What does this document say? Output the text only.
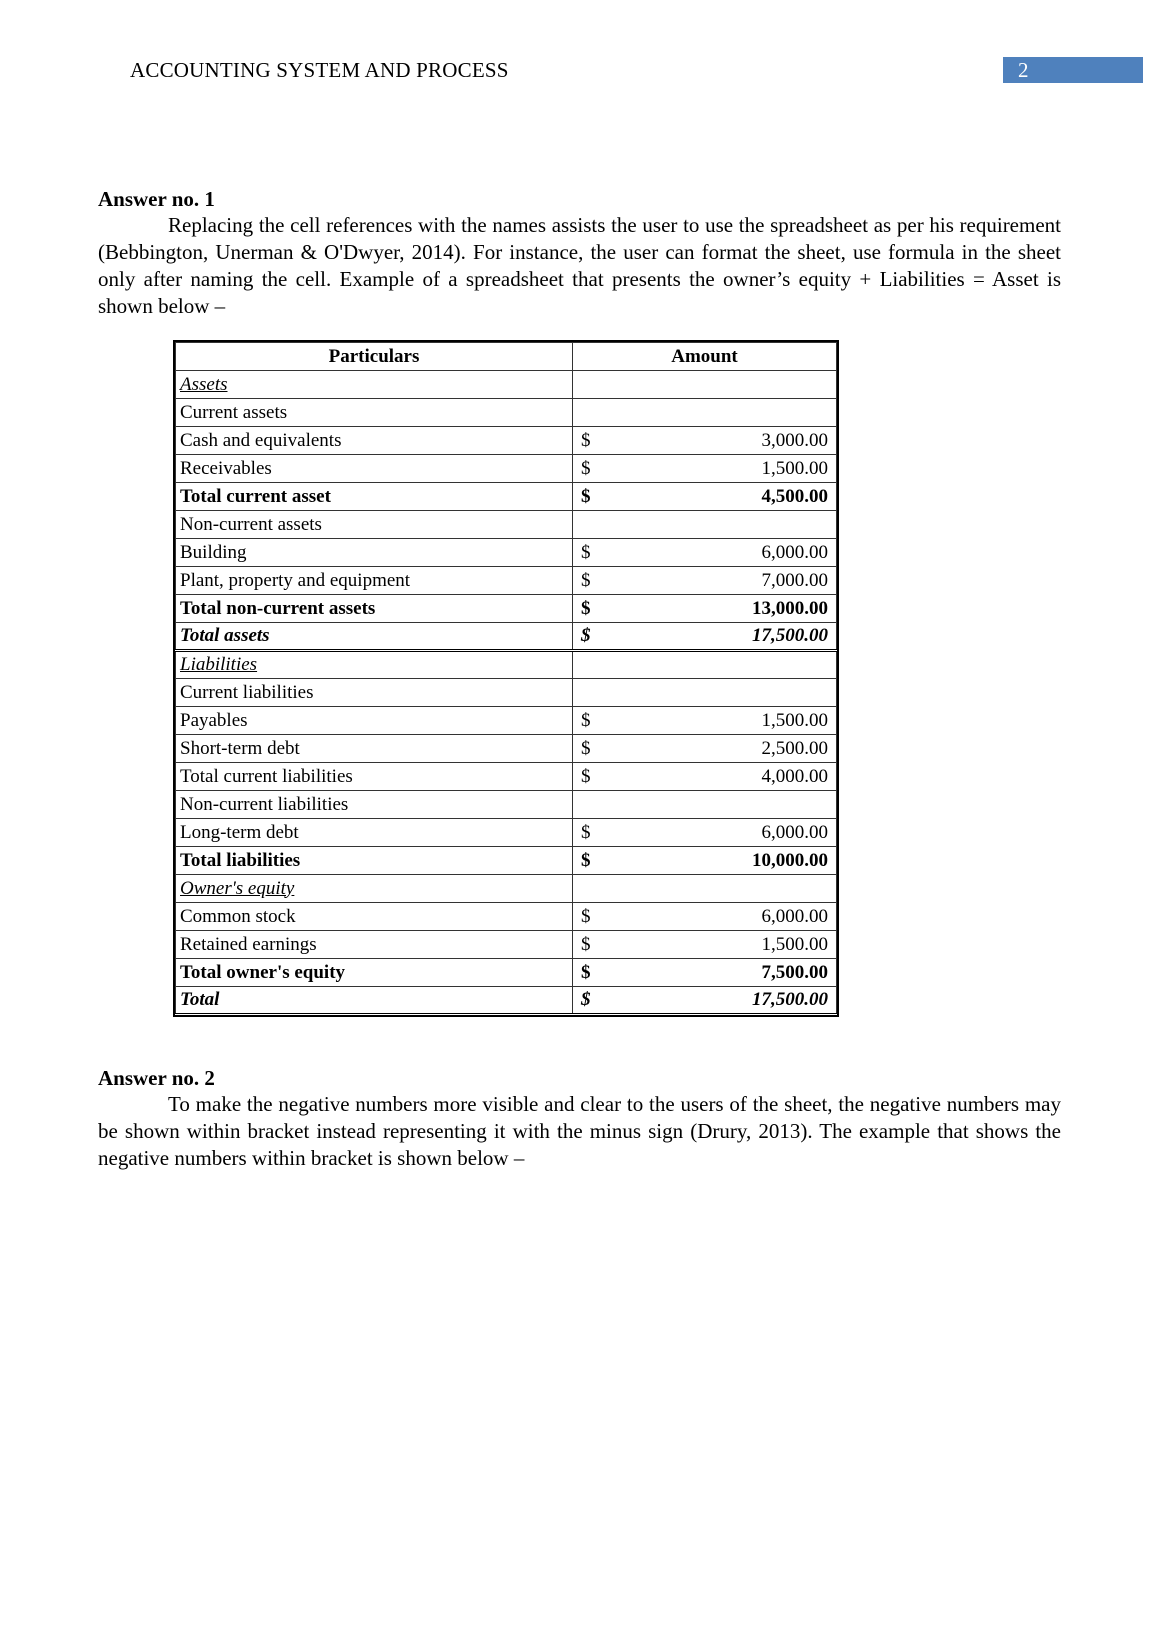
ACCOUNTING SYSTEM AND PROCESS	2
Answer no. 1

Replacing the cell references with the names assists the user to use the spreadsheet as per his requirement (Bebbington, Unerman & O'Dwyer, 2014). For instance, the user can format the sheet, use formula in the sheet only after naming the cell. Example of a spreadsheet that presents the owner’s equity + Liabilities = Asset is shown below –

Particulars	Amount	
Assets		
Current assets		
Cash and equivalents	$	3,000.00
Receivables	$	1,500.00
Total current asset	$	4,500.00
Non-current assets		
Building	$	6,000.00
Plant, property and equipment	$	7,000.00
Total non-current assets	$	13,000.00
Total assets	$	17,500.00
Liabilities		
Current liabilities		
Payables	$	1,500.00
Short-term debt	$	2,500.00
Total current liabilities	$	4,000.00
Non-current liabilities		
Long-term debt	$	6,000.00
Total liabilities	$	10,000.00
Owner's equity		
Common stock	$	6,000.00
Retained earnings	$	1,500.00
Total owner's equity	$	7,500.00
Total	$	17,500.00
Answer no. 2

To make the negative numbers more visible and clear to the users of the sheet, the negative numbers may be shown within bracket instead representing it with the minus sign (Drury, 2013). The example that shows the negative numbers within bracket is shown below –
